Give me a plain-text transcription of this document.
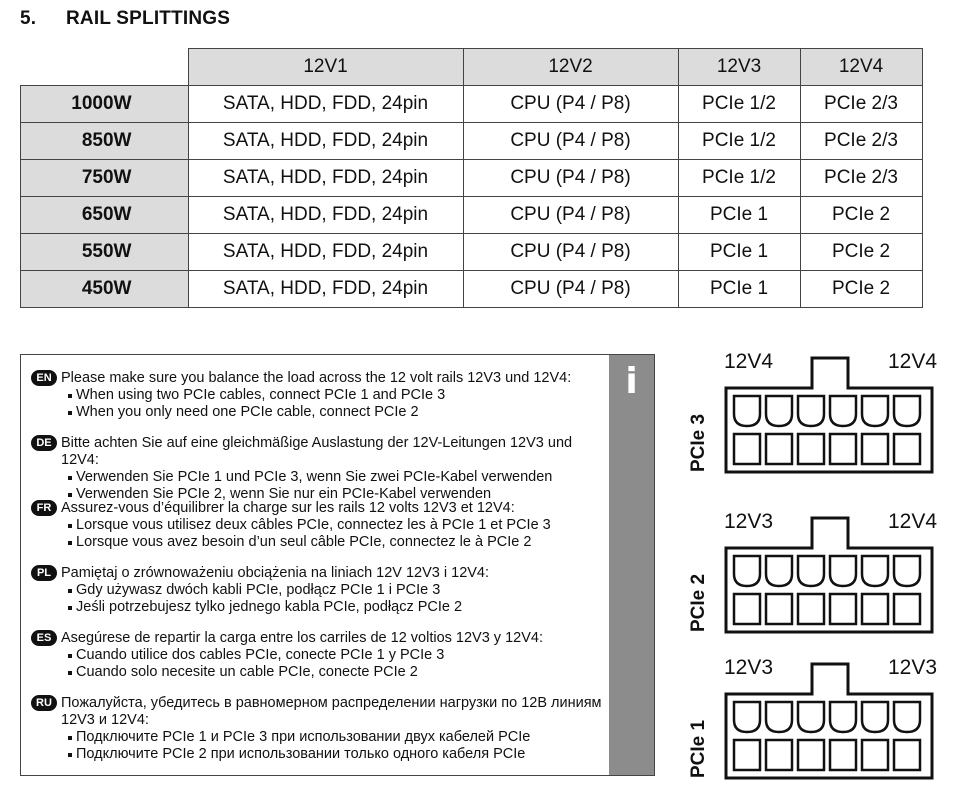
5. RAIL SPLITTINGS
	12V1	12V2	12V3	12V4
1000W	SATA, HDD, FDD, 24pin	CPU (P4 / P8)	PCIe 1/2	PCIe 2/3
850W	SATA, HDD, FDD, 24pin	CPU (P4 / P8)	PCIe 1/2	PCIe 2/3
750W	SATA, HDD, FDD, 24pin	CPU (P4 / P8)	PCIe 1/2	PCIe 2/3
650W	SATA, HDD, FDD, 24pin	CPU (P4 / P8)	PCIe 1	PCIe 2
550W	SATA, HDD, FDD, 24pin	CPU (P4 / P8)	PCIe 1	PCIe 2
450W	SATA, HDD, FDD, 24pin	CPU (P4 / P8)	PCIe 1	PCIe 2
i
EN Please make sure you balance the load across the 12 volt rails 12V3 und 12V4:
When using two PCIe cables, connect PCIe 1 and PCIe 3
When you only need one PCIe cable, connect PCIe 2
DE Bitte achten Sie auf eine gleichmäßige Auslastung der 12V-Leitungen 12V3 und 12V4:
Verwenden Sie PCIe 1 und PCIe 3, wenn Sie zwei PCIe-Kabel verwenden
Verwenden Sie PCIe 2, wenn Sie nur ein PCIe-Kabel verwenden
FR Assurez-vous d’équilibrer la charge sur les rails 12 volts 12V3 et 12V4:
Lorsque vous utilisez deux câbles PCIe, connectez les à PCIe 1 et PCIe 3
Lorsque vous avez besoin d’un seul câble PCIe, connectez le à PCIe 2
PL Pamiętaj o zrównoważeniu obciążenia na liniach 12V 12V3 i 12V4:
Gdy używasz dwóch kabli PCIe, podłącz PCIe 1 i PCIe 3
Jeśli potrzebujesz tylko jednego kabla PCIe, podłącz PCIe 2
ES Asegúrese de repartir la carga entre los carriles de 12 voltios 12V3 y 12V4:
Cuando utilice dos cables PCIe, conecte PCIe 1 y PCIe 3
Cuando solo necesite un cable PCIe, conecte PCIe 2
RU Пожалуйста, убедитесь в равномерном распределении нагрузки по 12В линиям 12V3 и 12V4:
Подключите PCIe 1 и PCIe 3 при использовании двух кабелей PCIe
Подключите PCIe 2 при использовании только одного кабеля PCIe
12V4	12V4
PCIe 3
12V3	12V4
PCIe 2
12V3	12V3
PCIe 1
